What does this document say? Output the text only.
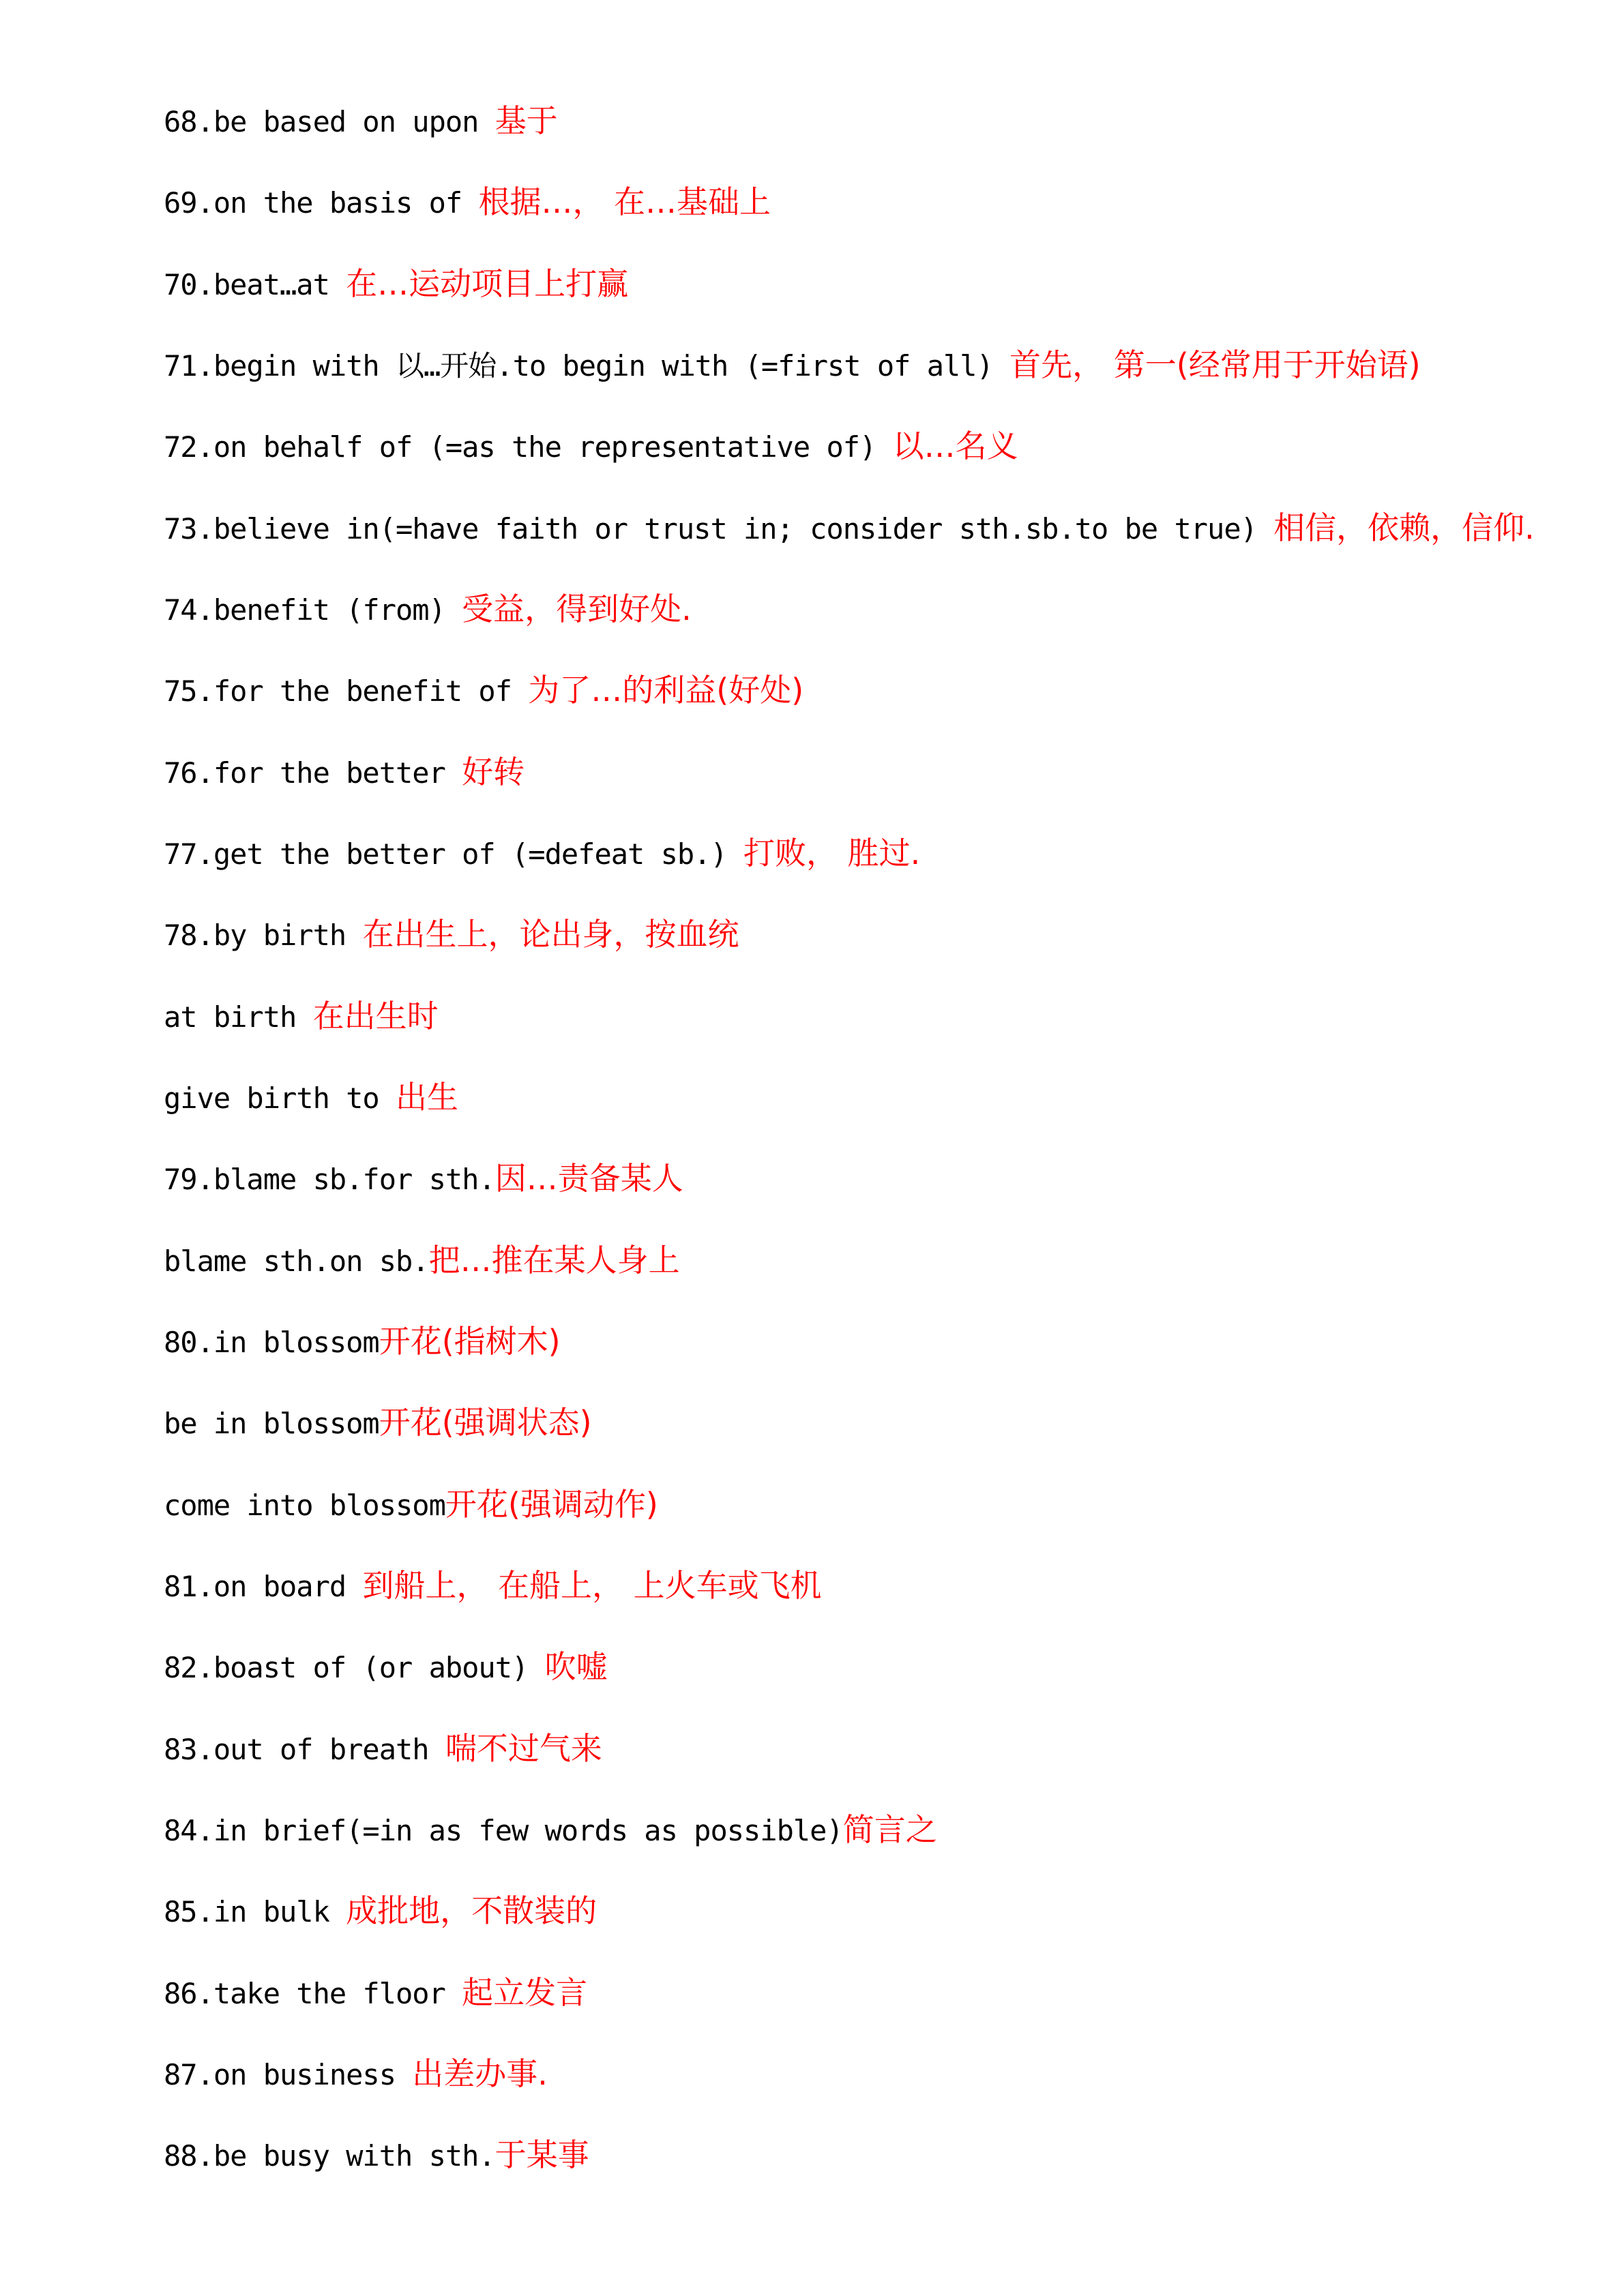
68.be based on upon 基于
69.on the basis of 根据…， 在…基础上
70.beat…at 在…运动项目上打赢
71.begin with 以…开始.to begin with (=first of all) 首先， 第一(经常用于开始语)
72.on behalf of (=as the representative of) 以…名义
73.believe in(=have faith or trust in; consider sth.sb.to be true) 相信，依赖，信仰.
74.benefit (from) 受益，得到好处.
75.for the benefit of 为了…的利益(好处)
76.for the better 好转
77.get the better of (=defeat sb.) 打败， 胜过.
78.by birth 在出生上，论出身，按血统
at birth 在出生时
give birth to 出生
79.blame sb.for sth.因…责备某人
blame sth.on sb.把…推在某人身上
80.in blossom开花(指树木)
be in blossom开花(强调状态)
come into blossom开花(强调动作)
81.on board 到船上， 在船上， 上火车或飞机
82.boast of (or about) 吹嘘
83.out of breath 喘不过气来
84.in brief(=in as few words as possible)简言之
85.in bulk 成批地，不散装的
86.take the floor 起立发言
87.on business 出差办事.
88.be busy with sth.于某事
